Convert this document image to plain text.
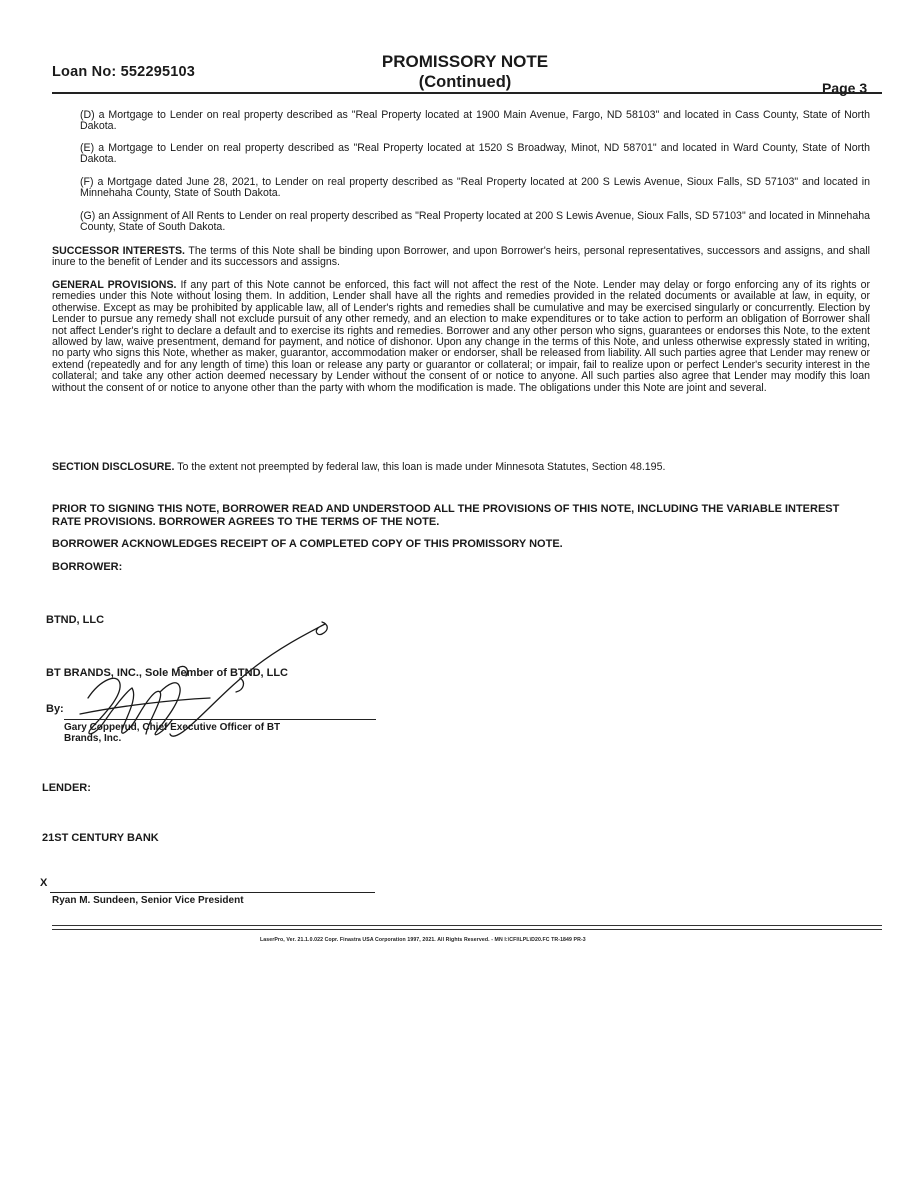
Loan No: 552295103
PROMISSORY NOTE
(Continued)	Page 3
(D) a Mortgage to Lender on real property described as "Real Property located at 1900 Main Avenue, Fargo, ND 58103" and located in Cass County, State of North Dakota.
(E) a Mortgage to Lender on real property described as "Real Property located at 1520 S Broadway, Minot, ND 58701" and located in Ward County, State of North Dakota.
(F) a Mortgage dated June 28, 2021, to Lender on real property described as "Real Property located at 200 S Lewis Avenue, Sioux Falls, SD 57103" and located in Minnehaha County, State of South Dakota.
(G) an Assignment of All Rents to Lender on real property described as "Real Property located at 200 S Lewis Avenue, Sioux Falls, SD 57103" and located in Minnehaha County, State of South Dakota.
SUCCESSOR INTERESTS. The terms of this Note shall be binding upon Borrower, and upon Borrower's heirs, personal representatives, successors and assigns, and shall inure to the benefit of Lender and its successors and assigns.
GENERAL PROVISIONS. If any part of this Note cannot be enforced, this fact will not affect the rest of the Note. Lender may delay or forgo enforcing any of its rights or remedies under this Note without losing them. In addition, Lender shall have all the rights and remedies provided in the related documents or available at law, in equity, or otherwise. Except as may be prohibited by applicable law, all of Lender's rights and remedies shall be cumulative and may be exercised singularly or concurrently. Election by Lender to pursue any remedy shall not exclude pursuit of any other remedy, and an election to make expenditures or to take action to perform an obligation of Borrower shall not affect Lender's right to declare a default and to exercise its rights and remedies. Borrower and any other person who signs, guarantees or endorses this Note, to the extent allowed by law, waive presentment, demand for payment, and notice of dishonor. Upon any change in the terms of this Note, and unless otherwise expressly stated in writing, no party who signs this Note, whether as maker, guarantor, accommodation maker or endorser, shall be released from liability. All such parties agree that Lender may renew or extend (repeatedly and for any length of time) this loan or release any party or guarantor or collateral; or impair, fail to realize upon or perfect Lender's security interest in the collateral; and take any other action deemed necessary by Lender without the consent of or notice to anyone. All such parties also agree that Lender may modify this loan without the consent of or notice to anyone other than the party with whom the modification is made. The obligations under this Note are joint and several.
SECTION DISCLOSURE. To the extent not preempted by federal law, this loan is made under Minnesota Statutes, Section 48.195.
PRIOR TO SIGNING THIS NOTE, BORROWER READ AND UNDERSTOOD ALL THE PROVISIONS OF THIS NOTE, INCLUDING THE VARIABLE INTEREST RATE PROVISIONS. BORROWER AGREES TO THE TERMS OF THE NOTE.
BORROWER ACKNOWLEDGES RECEIPT OF A COMPLETED COPY OF THIS PROMISSORY NOTE.
BORROWER:
BTND, LLC
BT BRANDS, INC., Sole Member of BTND, LLC
By:
Gary Copperud, Chief Executive Officer of BT
Brands, Inc.
LENDER:
21ST CENTURY BANK
X
Ryan M. Sundeen, Senior Vice President
LaserPro, Ver. 21.1.0.022 Copr. Finastra USA Corporation 1997, 2021. All Rights Reserved. - MN I:\CFI\LPL\D20.FC TR-1849 PR-3
